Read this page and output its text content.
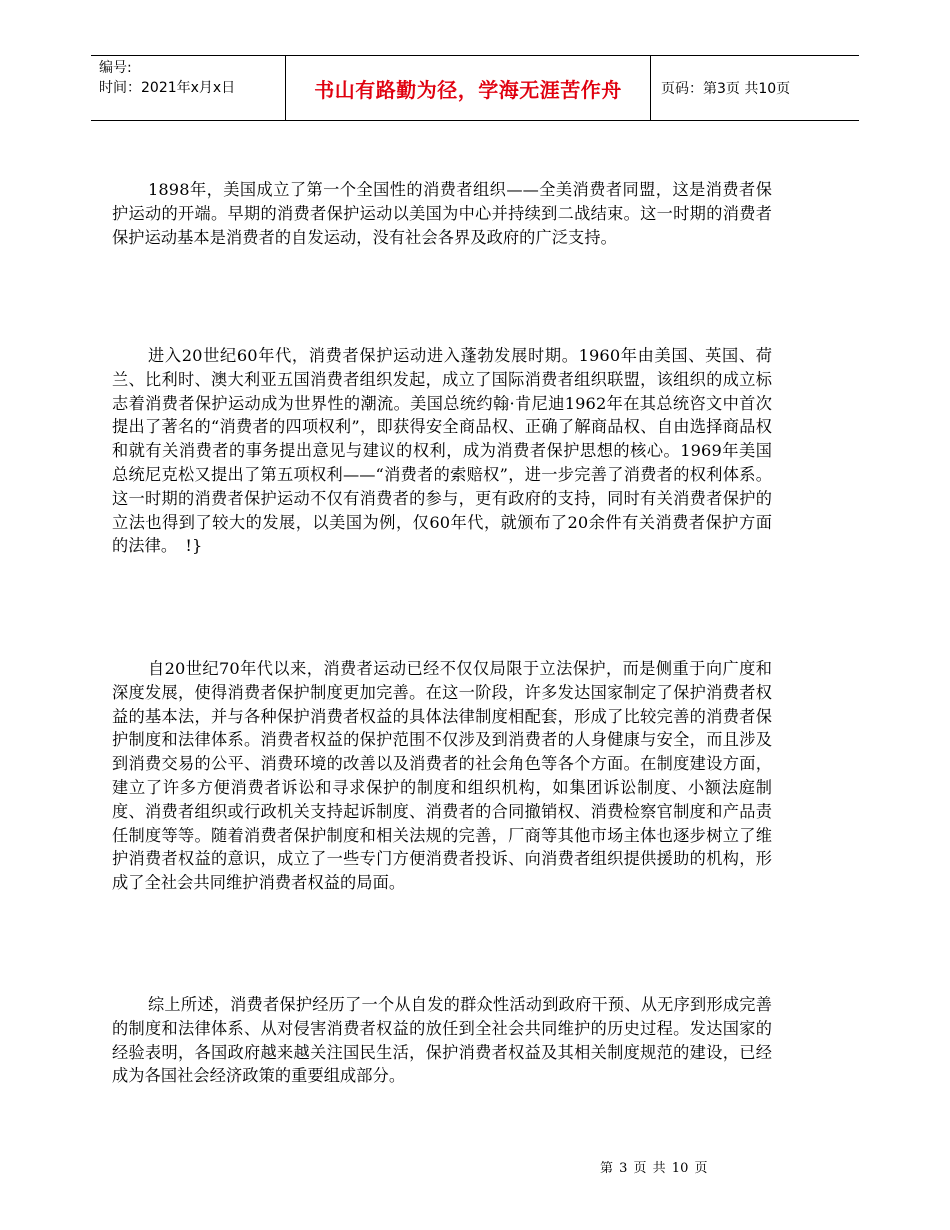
编号:
时间：2021年x月x日	书山有路勤为径，学海无涯苦作舟	页码：第3页 共10页

1898年，美国成立了第一个全国性的消费者组织——全美消费者同盟，这是消费者保护运动的开端。早期的消费者保护运动以美国为中心并持续到二战结束。这一时期的消费者保护运动基本是消费者的自发运动，没有社会各界及政府的广泛支持。

进入20世纪60年代，消费者保护运动进入蓬勃发展时期。1960年由美国、英国、荷兰、比利时、澳大利亚五国消费者组织发起，成立了国际消费者组织联盟，该组织的成立标志着消费者保护运动成为世界性的潮流。美国总统约翰·肯尼迪1962年在其总统咨文中首次提出了著名的“消费者的四项权利”，即获得安全商品权、正确了解商品权、自由选择商品权和就有关消费者的事务提出意见与建议的权利，成为消费者保护思想的核心。1969年美国总统尼克松又提出了第五项权利——“消费者的索赔权”，进一步完善了消费者的权利体系。这一时期的消费者保护运动不仅有消费者的参与，更有政府的支持，同时有关消费者保护的立法也得到了较大的发展，以美国为例，仅60年代，就颁布了20余件有关消费者保护方面的法律。　!}

自20世纪70年代以来，消费者运动已经不仅仅局限于立法保护，而是侧重于向广度和深度发展，使得消费者保护制度更加完善。在这一阶段，许多发达国家制定了保护消费者权益的基本法，并与各种保护消费者权益的具体法律制度相配套，形成了比较完善的消费者保护制度和法律体系。消费者权益的保护范围不仅涉及到消费者的人身健康与安全，而且涉及到消费交易的公平、消费环境的改善以及消费者的社会角色等各个方面。在制度建设方面，建立了许多方便消费者诉讼和寻求保护的制度和组织机构，如集团诉讼制度、小额法庭制度、消费者组织或行政机关支持起诉制度、消费者的合同撤销权、消费检察官制度和产品责任制度等等。随着消费者保护制度和相关法规的完善，厂商等其他市场主体也逐步树立了维护消费者权益的意识，成立了一些专门方便消费者投诉、向消费者组织提供援助的机构，形成了全社会共同维护消费者权益的局面。

综上所述，消费者保护经历了一个从自发的群众性活动到政府干预、从无序到形成完善的制度和法律体系、从对侵害消费者权益的放任到全社会共同维护的历史过程。发达国家的经验表明，各国政府越来越关注国民生活，保护消费者权益及其相关制度规范的建设，已经成为各国社会经济政策的重要组成部分。

第 3 页 共 10 页
